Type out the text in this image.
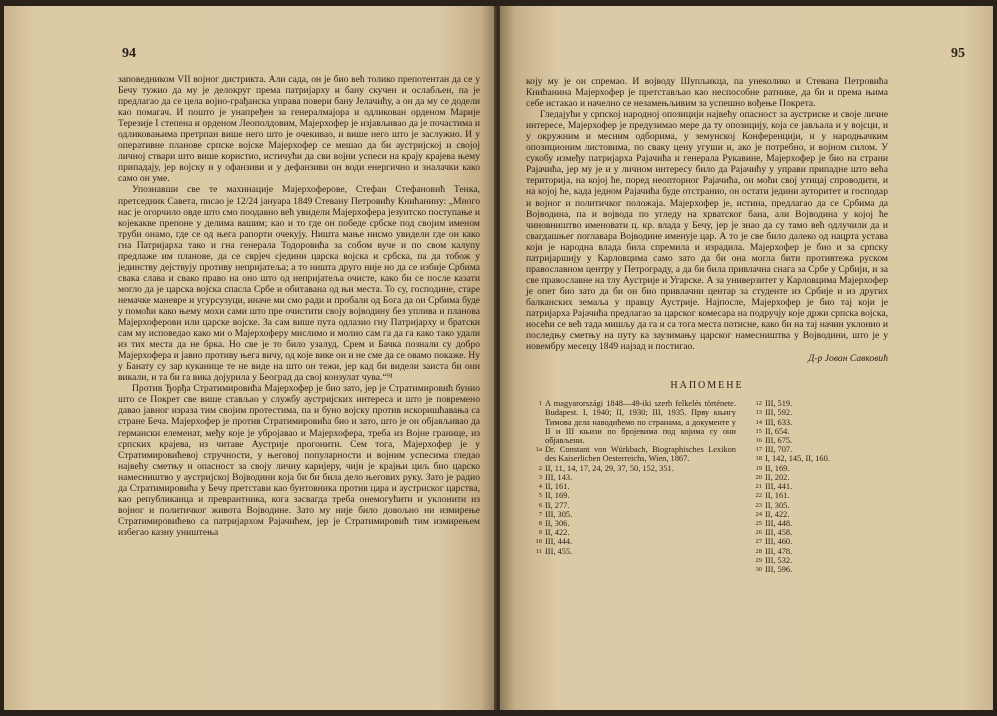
94

заповедником VII војног дистрикта. Али сада, он је био већ толико препотентан да се у Бечу тужио да му је делокруг према патријарху и бану скучен и ослабљен, па је предлагао да се цела војно-грађанска управа повери бану Јелачићу, а он да му се додели као помагач. И пошто је унапређен за генералмајора и одликован орденом Марије Терезије I степена и орденом Леополдовим, Мајерхофер је изјављивао да је почастима и одликовањима претрпан више него што је очекивао, и више него што је заслужио. И у оперативне планове српске војске Мајерхофер се мешао да би аустријској и својој личној ствари што више користио, истичући да сви војни успеси на крају крајева њему припадају, јер војску и у офанзиви и у дефанзиви он води енергично и зналачки како само он уме.

Упознавши све те махинације Мајерхоферове, Стефан Стефановић Тенка, претседник Савета, писао је 12/24 јануара 1849 Стевану Петровићу Книћанину: „Много нас је огорчило овде што смо поодавно већ увидели Мајерхофера језуитско поступање и којекакве препоне у делима вашим; као и то где он победе србске под својим именом труби онамо, где се од њега рапорти очекују. Ништа мање нисмо увидели где он како гна Патријарха тако и гна генерала Тодоровића за собом вуче и по свом калупу предлаже им планове, да се сврјеч сједини царска војска и србска, па да тобож у јединству дејствују противу непријатеља; а то ништа друго није но да се избије Србима свака слава и свако право на оно што од непријатеља очисте, како би се после казати могло да је царска војска спасла Србе и обитавана од њи места. То су, господине, старе немачке маневре и угурсузуци, иначе ми смо ради и пробали од Бога да он Србима буде у помоћи како њему мохи сами што пре очистити своју војводину без уплива и планова Мајерхоферови или царске војске. За сам више пута одлазио гну Патријарху и братски сам му исповедао како ми о Мајерхоферу мислимо и молио сам га да га како тако удали из тих места да не брка. Но све је то било узалуд. Срем и Бачка познали су добро Мајерхофера и јавно противу њега вичу, од које вике он и не сме да се овамо покаже. Ну у Банату су зар куканице те не виде на што он тежи, јер кад би видели заиста би они викали, и та би га вика дојурила у Београд да свој конзулат чува.“⁹¹

Против Ђорђа Стратимировића Мајерхофер је био зато, јер је Стратимировић бунио што се Покрет све више стављао у службу аустријских интереса и што је повремено давао јавног израза тим својим протестима, па и буно војску против искоришћавања са стране Беча. Мајерхофер је против Стратимировића био и зато, што је он објављивао да германски елеменат, међу које је убројавао и Мајерхофера, треба из Војне границе, из српских крајева, из читаве Аустрије прогонити. Сем тога, Мајерхофер је у Стратимировићевој стручности, у његовој популарности и војним успесима гледао највећу сметњу и опасност за своју личну каријеру, чији је крајњи циљ био царско намесништво у аустријској Војводини која би би била дело његових руку. Зато је радио да Стратимировића у Бечу претстави као бунтовника против цара и аустриског царства, као републиканца и преврантника, кога засвагда треба онемогућити и уклонити из војног и политичког живота Војводине. Зато му није било довољно ни измирење Стратимировићево са патријархом Рајачићем, јер је Стратимировић тим измирењем избегао казну уништења

95

коју му је он спремао. И војводу Шупљикца, па унеколико и Стевана Петровића Книћанина Мајерхофер је претстављао као неспособне ратнике, да би и према њима себе истакао и начелно се незамењљивим за успешно вођење Покрета.

Гледајући у српској народној опозицији највећу опасност за аустриске и своје личне интересе, Мајерхофер је предузимао мере да ту опозицију, која се јављала и у војсци, и у окружним и месним одборима, у земунској Конференцији, и у народњачким опозиционим листовима, по сваку цену угуши и, ако је потребно, и војном силом. У сукобу између патријарха Рајачића и генерала Рукавине, Мајерхофер је био на страни Рајачића, јер му је и у личном интересу било да Рајачићу у управи припадне што већа територија, на којој ће, поред неопторног Рајачића, он моћи свој утицај спроводити, и на којој ће, када једном Рајачића буде отстранио, он остати једини ауторитет и господар и војног и политичког положаја. Мајерхофер је, истина, предлагао да се Србима да Војводина, па и војвода по угледу на хрватског бана, али Војводина у којој ће чиновништво именовати ц. кр. влада у Бечу, јер је знао да су тамо већ одлучили да и свагдашњег поглавара Војводине именује цар. А то је све било далеко од нацрта устава који је народна влада била спремила и израдила. Мајерхофер је био и за српску патријаршију у Карловцима само зато да би она могла бити противтежа руском православном центру у Петрограду, а да би била привлачна снага за Србе у Србији, и за све православне на тлу Аустрије и Угарске. А за универзитет у Карловцима Мајерхофер је опет био зато да би он био привлачни центар за студенте из Србије и из других балканских земаља у правцу Аустрије. Најпосле, Мајерхофер је био тај који је патријарха Рајачића предлагао за царског комесара на подручју које држи српска војска, носећи се већ тада мишљу да га и са тога места потисне, како би на тај начин уклонио и последњу сметњу на путу ка заузимању царског намесништва у Војводини, што је у новембру месецу 1849 најзад и постигао.

Д-р Јован Савковић
НАПОМЕНЕ
1 A magyarországi 1848—49-iki szerb felkelés története. Budapest. I, 1940; II, 1930; III, 1935. Прву књигу Тимова дела наводићемо по странама, а документе у II и III књизи по бројевима под којима су они објављени.
1a Dr. Constant von Würkbach, Biographisches Lexikon des Kaiserlichen Oesterreichs, Wien, 1867.
2 II, 11, 14, 17, 24, 29, 37, 50, 152, 351.
3 III, 143.
4 II, 161.
5 II, 169.
6 II, 277.
7 III, 305.
8 II, 306.
9 II, 422.
10 III, 444.
11 III, 455.
12 III, 519.
13 III, 592.
14 III, 633.
15 II, 654.
16 III, 675.
17 III, 707.
18 I, 142, 145, II, 160.
19 II, 169.
20 II, 202.
21 III, 441.
22 II, 161.
23 II, 305.
24 II, 422.
25 III, 448.
26 III, 458.
27 III, 460.
28 III, 478.
29 III, 532.
30 III, 596.
